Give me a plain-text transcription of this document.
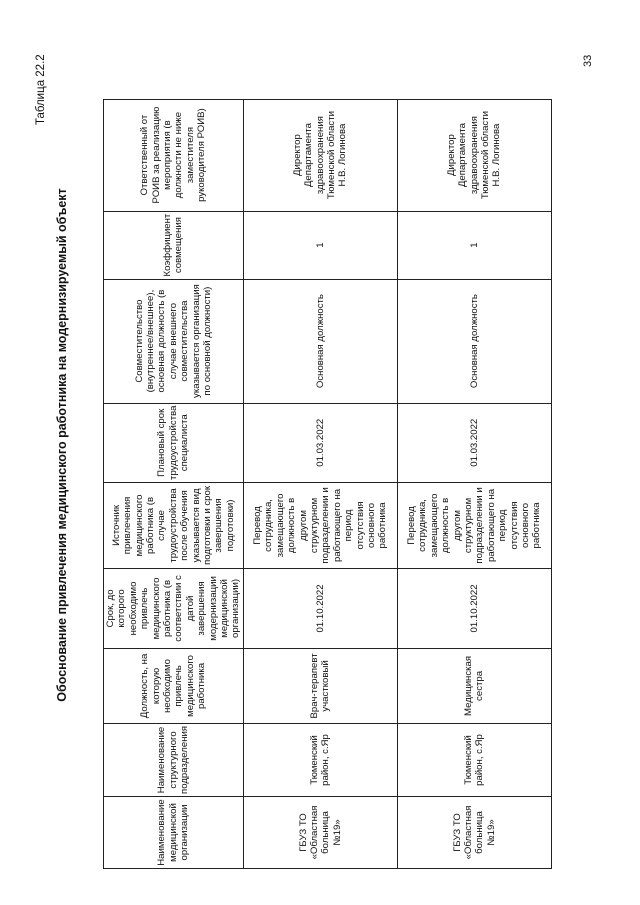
Таблица 22.2
Обоснование привлечения медицинского работника на модернизируемый объект
Наименование медицинской организации	Наименование структурного подразделения	Должность, на которую необходимо привлечь медицинского работника	Срок, до которого необходимо привлечь медицинского работника (в соответствии с датой завершения модернизации медицинской организации)	Источник привлечения медицинского работника (в случае трудоустройства после обучения указывается вид подготовки и срок завершения подготовки)	Плановый срок трудоустройства специалиста	Совместительство (внутреннее/внешнее), основная должность (в случае внешнего совместительства указывается организация по основной должности)	Коэффициент совмещения	Ответственный от РОИВ за реализацию мероприятия (в должности не ниже заместителя руководителя РОИВ)
ГБУЗ ТО «Областная больница №19»	Тюменский район, с.Яр	Врач-терапевт участковый	01.10.2022	Перевод сотрудника, замещающего должность в другом структурном подразделении и работающего на период отсутствия основного работника	01.03.2022	Основная должность	1	Директор Департамента здравоохранения Тюменской области Н.В. Логинова
ГБУЗ ТО «Областная больница №19»	Тюменский район, с.Яр	Медицинская сестра	01.10.2022	Перевод сотрудника, замещающего должность в другом структурном подразделении и работающего на период отсутствия основного работника	01.03.2022	Основная должность	1	Директор Департамента здравоохранения Тюменской области Н.В. Логинова
33
